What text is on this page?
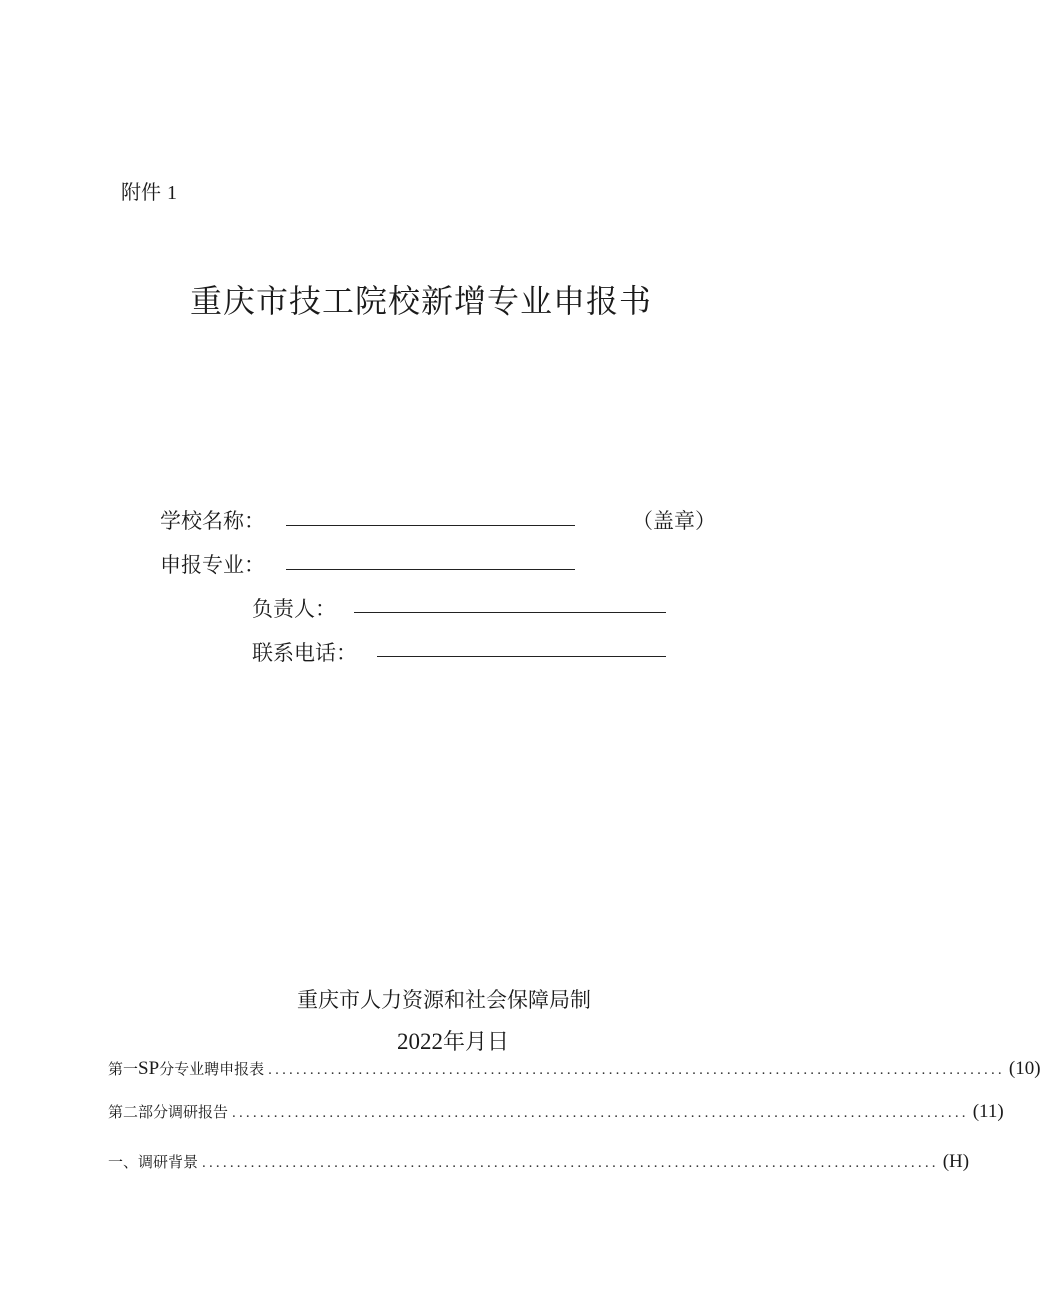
附件 1
重庆市技工院校新增专业申报书
学校名称：	（盖章）
申报专业：
负责人：
联系电话：
重庆市人力资源和社会保障局制
2022年月日
第一SP分专业聘申报表 .......................................................................................................... (10)
第二部分调研报告 .......................................................................................................... (11)
一、调研背景 .......................................................................................................... (H)
